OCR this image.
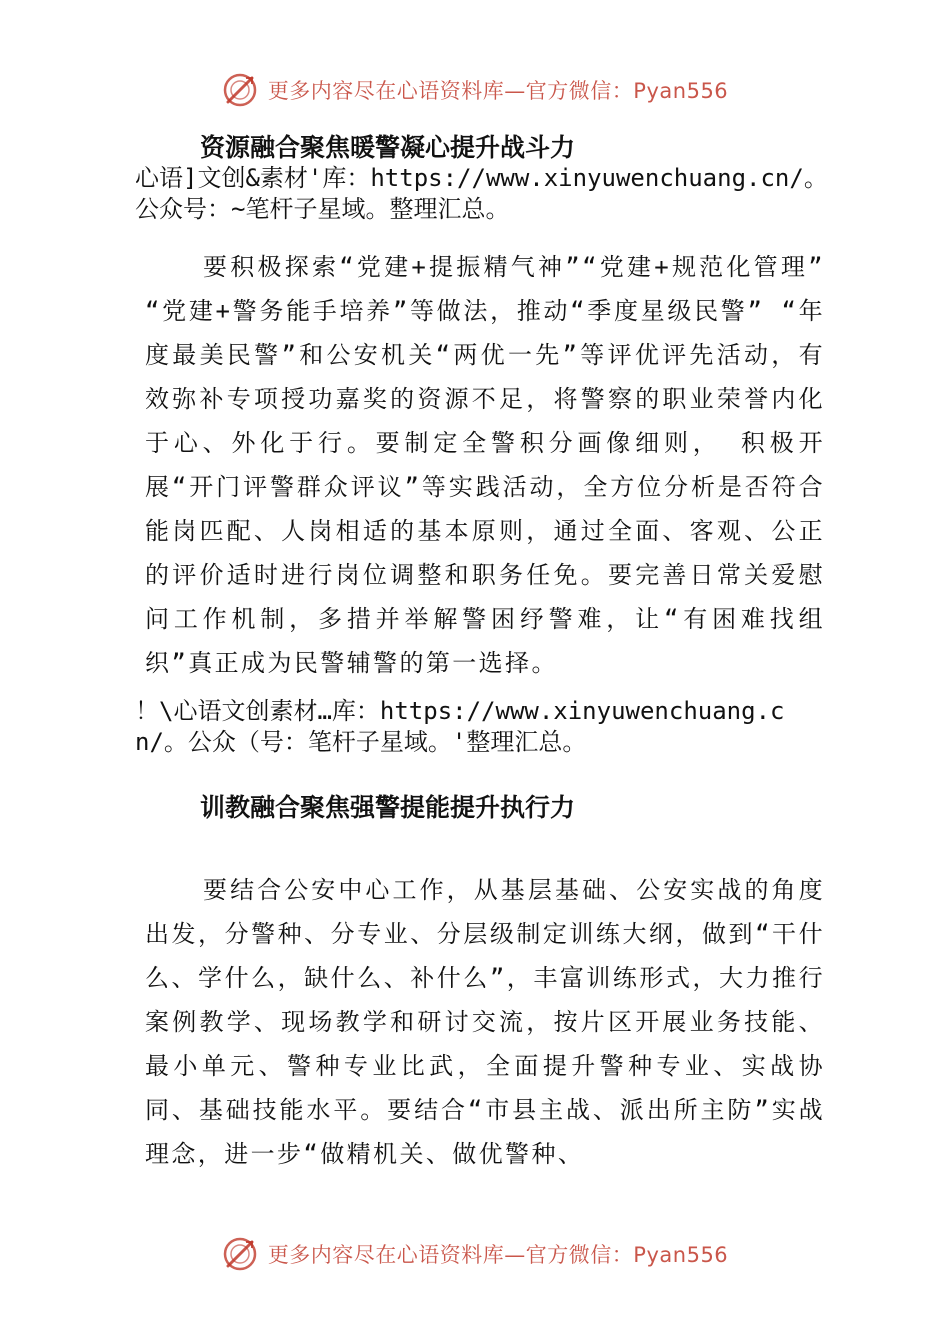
更多内容尽在心语资料库—官方微信：Pyan556
资源融合聚焦暖警凝心提升战斗力
心语]文创&素材'库：https://www.xinyuwenchuang.cn/。公众号：~笔杆子星域。整理汇总。
要积极探索“党建+提振精气神”“党建+规范化管理” “党建+警务能手培养”等做法，推动“季度星级民警” “年度最美民警”和公安机关“两优一先”等评优评先活动，有效弥补专项授功嘉奖的资源不足，将警察的职业荣誉内化于心、外化于行。要制定全警积分画像细则， 积极开展“开门评警群众评议”等实践活动，全方位分析是否符合能岗匹配、人岗相适的基本原则，通过全面、客观、公正的评价适时进行岗位调整和职务任免。要完善日常关爱慰问工作机制，多措并举解警困纾警难，让“有困难找组织”真正成为民警辅警的第一选择。
！\心语文创素材…库：https://www.xinyuwenchuang.cn/。公众（号：笔杆子星域。'整理汇总。
训教融合聚焦强警提能提升执行力
要结合公安中心工作，从基层基础、公安实战的角度出发，分警种、分专业、分层级制定训练大纲，做到“干什么、学什么，缺什么、补什么”，丰富训练形式，大力推行案例教学、现场教学和研讨交流，按片区开展业务技能、最小单元、警种专业比武，全面提升警种专业、实战协同、基础技能水平。要结合“市县主战、派出所主防”实战理念，进一步“做精机关、做优警种、
更多内容尽在心语资料库—官方微信：Pyan556
